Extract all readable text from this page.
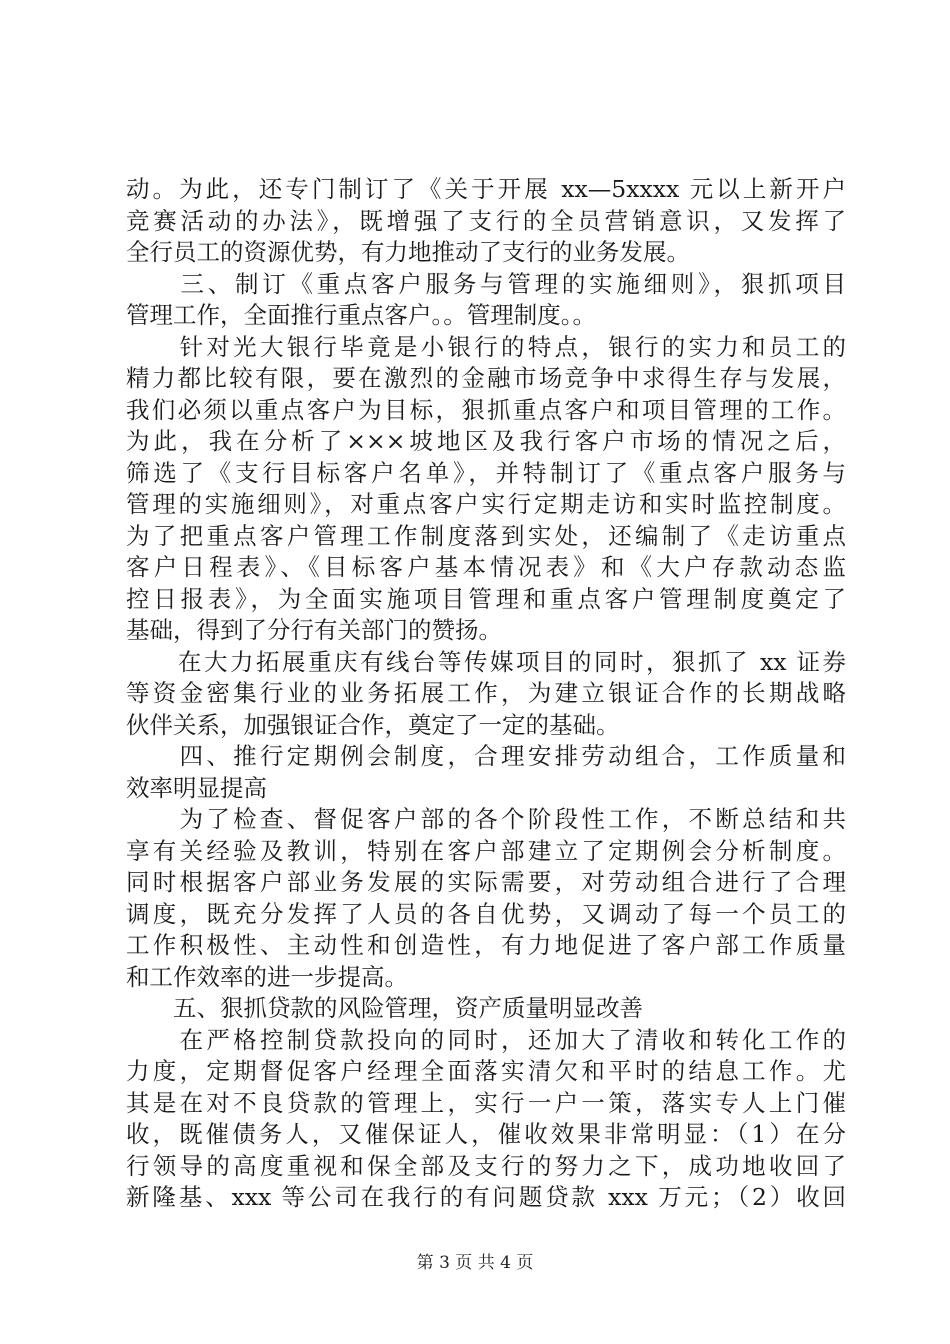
动。为此，还专门制订了《关于开展 xx—5xxxx 元以上新开户
竞赛活动的办法》，既增强了支行的全员营销意识，又发挥了
全行员工的资源优势，有力地推动了支行的业务发展。
　　三、制订《重点客户服务与管理的实施细则》，狠抓项目
管理工作，全面推行重点客户。。管理制度。。
　　针对光大银行毕竟是小银行的特点，银行的实力和员工的
精力都比较有限，要在激烈的金融市场竞争中求得生存与发展，
我们必须以重点客户为目标，狠抓重点客户和项目管理的工作。
为此，我在分析了×××坡地区及我行客户市场的情况之后，
筛选了《支行目标客户名单》，并特制订了《重点客户服务与
管理的实施细则》，对重点客户实行定期走访和实时监控制度。
为了把重点客户管理工作制度落到实处，还编制了《走访重点
客户日程表》、《目标客户基本情况表》和《大户存款动态监
控日报表》，为全面实施项目管理和重点客户管理制度奠定了
基础，得到了分行有关部门的赞扬。
　　在大力拓展重庆有线台等传媒项目的同时，狠抓了 xx 证券
等资金密集行业的业务拓展工作，为建立银证合作的长期战略
伙伴关系，加强银证合作，奠定了一定的基础。
　　四、推行定期例会制度，合理安排劳动组合，工作质量和
效率明显提高
　　为了检查、督促客户部的各个阶段性工作，不断总结和共
享有关经验及教训，特别在客户部建立了定期例会分析制度。
同时根据客户部业务发展的实际需要，对劳动组合进行了合理
调度，既充分发挥了人员的各自优势，又调动了每一个员工的
工作积极性、主动性和创造性，有力地促进了客户部工作质量
和工作效率的进一步提高。
　　五、狠抓贷款的风险管理，资产质量明显改善
　　在严格控制贷款投向的同时，还加大了清收和转化工作的
力度，定期督促客户经理全面落实清欠和平时的结息工作。尤
其是在对不良贷款的管理上，实行一户一策，落实专人上门催
收，既催债务人，又催保证人，催收效果非常明显：（1）在分
行领导的高度重视和保全部及支行的努力之下，成功地收回了
新隆基、xxx 等公司在我行的有问题贷款 xxx 万元；（2）收回
第 3 页 共 4 页
